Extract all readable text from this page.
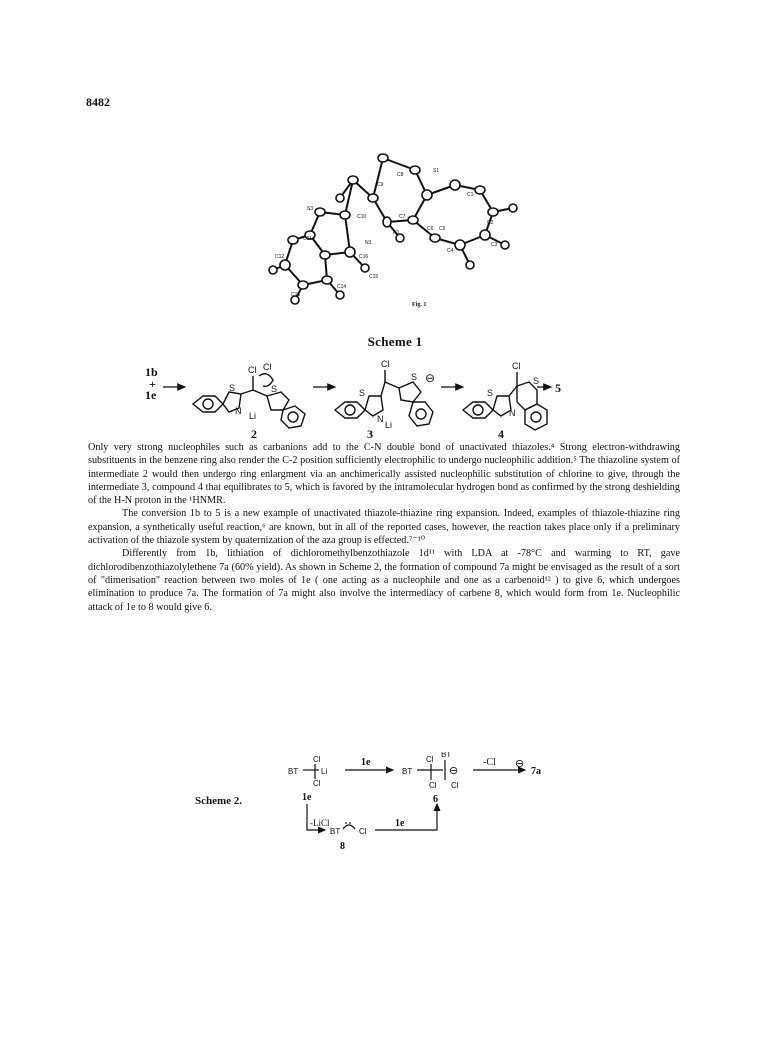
8482
S1
C1
C2
C3
C4
C5
C6
C7
C8
C9
N1
S3
C10
C11
C12
C13
C14
C15
C16
N3
Fig. 1
Scheme 1
1b
+
1e
2	3	4
5
Cl Cl
S	S
N Li
Cl
S
S ⊖
N
Li
Cl
S
S
N

Only very strong nucleophiles such as carbanions add to the C-N double bond of unactivated thiazoles.⁴ Strong electron-withdrawing substituents in the benzene ring also render the C-2 position sufficiently electrophilic to undergo nucleophilic addition.⁵ The thiazoline system of intermediate 2 would then undergo ring enlargment via an anchimerically assisted nucleophilic substitution of chlorine to give, through the intermediate 3, compound 4 that equilibrates to 5, which is favored by the intramolecular hydrogen bond as confirmed by the strong deshielding of the H-N proton in the ¹HNMR.

The conversion 1b to 5 is a new example of unactivated thiazole-thiazine ring expansion. Indeed, examples of thiazole-thiazine ring expansion, a synthetically useful reaction,⁶ are known, but in all of the reported cases, however, the reaction takes place only if a preliminary activation of the thiazole system by quaternization of the aza group is effected.⁷⁻¹⁰

Differently from 1b, lithiation of dichloromethylbenzothiazole 1d¹¹ with LDA at -78°C and warming to RT, gave dichlorodibenzothiazolylethene 7a (60% yield). As shown in Scheme 2, the formation of compound 7a might be envisaged as the result of a sort of "dimerisation" reaction between two moles of 1e ( one acting as a nucleophile and one as a carbenoid¹² ) to give 6, which undergoes elimination to produce 7a. The formation of 7a might also involve the intermediacy of carbene 8, which would form from 1e. Nucleophilic attack of 1e to 8 would give 6.

BT
Cl
Li
Cl
BT
Cl
BT
⊖
Cl Cl
⊖
BT Cl
Scheme 2.	1e
1e
6
-Cl
7a
-LiCl
8
1e
